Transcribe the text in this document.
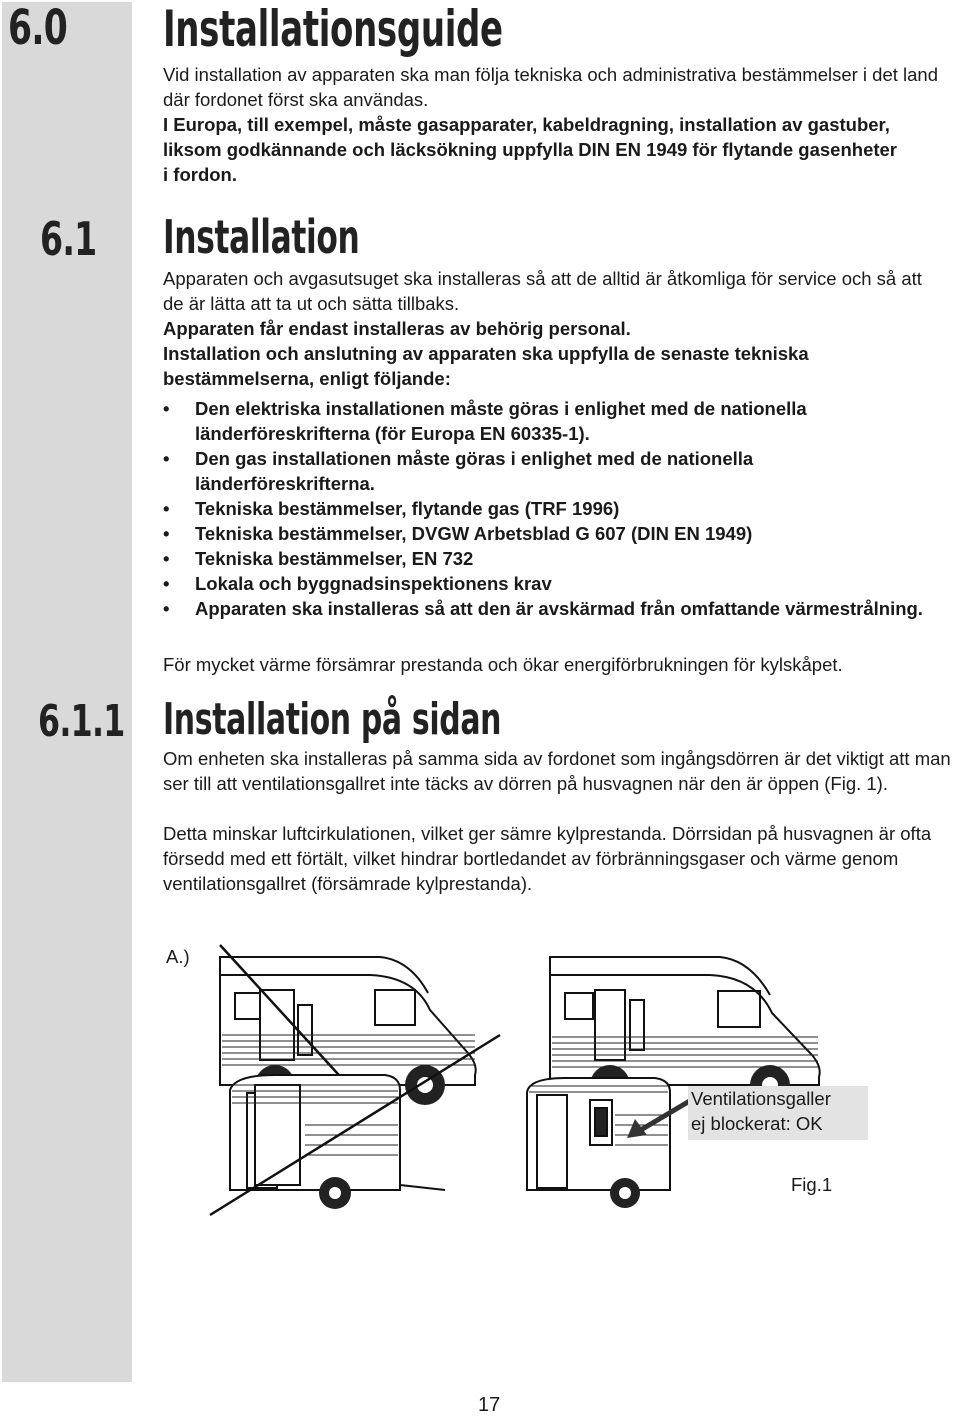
6.0 Installationsguide

Vid installation av apparaten ska man följa tekniska och administrativa bestämmelser i det land där fordonet först ska användas.

I Europa, till exempel, måste gasapparater, kabeldragning, installation av gastuber, liksom godkännande och läcksökning uppfylla DIN EN 1949 för flytande gasenheter i fordon.

6.1 Installation

Apparaten och avgasutsuget ska installeras så att de alltid är åtkomliga för service och så att de är lätta att ta ut och sätta tillbaks.

Apparaten får endast installeras av behörig personal.

Installation och anslutning av apparaten ska uppfylla de senaste tekniska bestämmelserna, enligt följande:

• Den elektriska installationen måste göras i enlighet med de nationella länderföreskrifterna (för Europa EN 60335-1).
• Den gas installationen måste göras i enlighet med de nationella länderföreskrifterna.
• Tekniska bestämmelser, flytande gas (TRF 1996)
• Tekniska bestämmelser, DVGW Arbetsblad G 607 (DIN EN 1949)
• Tekniska bestämmelser, EN 732
• Lokala och byggnadsinspektionens krav
• Apparaten ska installeras så att den är avskärmad från omfattande värmestrålning.

För mycket värme försämrar prestanda och ökar energiförbrukningen för kylskåpet.

6.1.1 Installation på sidan

Om enheten ska installeras på samma sida av fordonet som ingångsdörren är det viktigt att man ser till att ventilationsgallret inte täcks av dörren på husvagnen när den är öppen (Fig. 1).

Detta minskar luftcirkulationen, vilket ger sämre kylprestanda. Dörrsidan på husvagnen är ofta försedd med ett förtält, vilket hindrar bortledandet av förbränningsgaser och värme genom ventilationsgallret (försämrade kylprestanda).

A.)
Ventilationsgaller
ej blockerat: OK
Fig.1
17
